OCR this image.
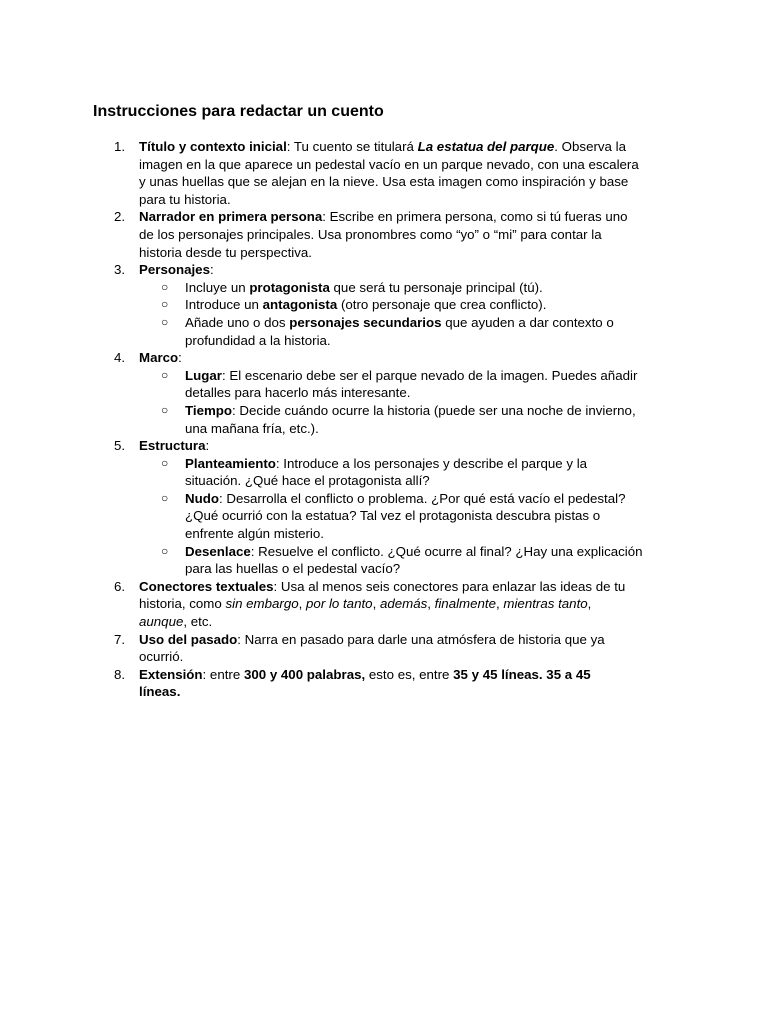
Instrucciones para redactar un cuento
1. Título y contexto inicial: Tu cuento se titulará La estatua del parque. Observa la
imagen en la que aparece un pedestal vacío en un parque nevado, con una escalera
y unas huellas que se alejan en la nieve. Usa esta imagen como inspiración y base
para tu historia.
2. Narrador en primera persona: Escribe en primera persona, como si tú fueras uno
de los personajes principales. Usa pronombres como “yo” o “mi” para contar la
historia desde tu perspectiva.
3. Personajes:
○ Incluye un protagonista que será tu personaje principal (tú).
○ Introduce un antagonista (otro personaje que crea conflicto).
○ Añade uno o dos personajes secundarios que ayuden a dar contexto o
profundidad a la historia.
4. Marco:
○ Lugar: El escenario debe ser el parque nevado de la imagen. Puedes añadir
detalles para hacerlo más interesante.
○ Tiempo: Decide cuándo ocurre la historia (puede ser una noche de invierno,
una mañana fría, etc.).
5. Estructura:
○ Planteamiento: Introduce a los personajes y describe el parque y la
situación. ¿Qué hace el protagonista allí?
○ Nudo: Desarrolla el conflicto o problema. ¿Por qué está vacío el pedestal?
¿Qué ocurrió con la estatua? Tal vez el protagonista descubra pistas o
enfrente algún misterio.
○ Desenlace: Resuelve el conflicto. ¿Qué ocurre al final? ¿Hay una explicación
para las huellas o el pedestal vacío?
6. Conectores textuales: Usa al menos seis conectores para enlazar las ideas de tu
historia, como sin embargo, por lo tanto, además, finalmente, mientras tanto,
aunque, etc.
7. Uso del pasado: Narra en pasado para darle una atmósfera de historia que ya
ocurrió.
8. Extensión: entre 300 y 400 palabras, esto es, entre 35 y 45 líneas. 35 a 45
líneas.
